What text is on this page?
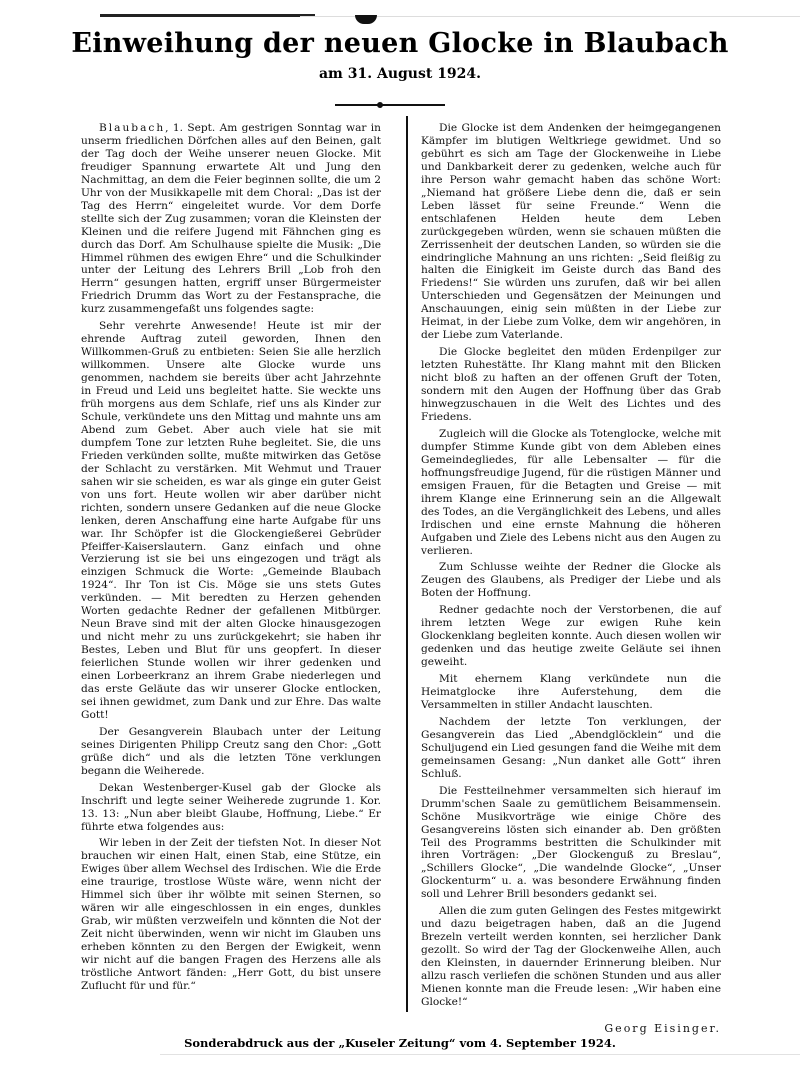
Einweihung der neuen Glocke in Blaubach
am 31. August 1924.

Blaubach, 1. Sept. Am gestrigen Sonntag war in unserm friedlichen Dörfchen alles auf den Beinen, galt der Tag doch der Weihe unserer neuen Glocke. Mit freudiger Spannung erwartete Alt und Jung den Nachmittag, an dem die Feier beginnen sollte, die um 2 Uhr von der Musikkapelle mit dem Choral: „Das ist der Tag des Herrn“ eingeleitet wurde. Vor dem Dorfe stellte sich der Zug zusammen; voran die Kleinsten der Kleinen und die reifere Jugend mit Fähnchen ging es durch das Dorf. Am Schulhause spielte die Musik: „Die Himmel rühmen des ewigen Ehre“ und die Schulkinder unter der Leitung des Lehrers Brill „Lob froh den Herrn“ gesungen hatten, ergriff unser Bürgermeister Friedrich Drumm das Wort zu der Festansprache, die kurz zusammengefaßt uns folgendes sagte:

Sehr verehrte Anwesende! Heute ist mir der ehrende Auftrag zuteil geworden, Ihnen den Willkommen-Gruß zu entbieten: Seien Sie alle herzlich willkommen. Unsere alte Glocke wurde uns genommen, nachdem sie bereits über acht Jahrzehnte in Freud und Leid uns begleitet hatte. Sie weckte uns früh morgens aus dem Schlafe, rief uns als Kinder zur Schule, verkündete uns den Mittag und mahnte uns am Abend zum Gebet. Aber auch viele hat sie mit dumpfem Tone zur letzten Ruhe begleitet. Sie, die uns Frieden verkünden sollte, mußte mitwirken das Getöse der Schlacht zu verstärken. Mit Wehmut und Trauer sahen wir sie scheiden, es war als ginge ein guter Geist von uns fort. Heute wollen wir aber darüber nicht richten, sondern unsere Gedanken auf die neue Glocke lenken, deren Anschaffung eine harte Aufgabe für uns war. Ihr Schöpfer ist die Glockengießerei Gebrüder Pfeiffer-Kaiserslautern. Ganz einfach und ohne Verzierung ist sie bei uns eingezogen und trägt als einzigen Schmuck die Worte: „Gemeinde Blaubach 1924“. Ihr Ton ist Cis. Möge sie uns stets Gutes verkünden. — Mit beredten zu Herzen gehenden Worten gedachte Redner der gefallenen Mitbürger. Neun Brave sind mit der alten Glocke hinausgezogen und nicht mehr zu uns zurückgekehrt; sie haben ihr Bestes, Leben und Blut für uns geopfert. In dieser feierlichen Stunde wollen wir ihrer gedenken und einen Lorbeerkranz an ihrem Grabe niederlegen und das erste Geläute das wir unserer Glocke entlocken, sei ihnen gewidmet, zum Dank und zur Ehre. Das walte Gott!

Der Gesangverein Blaubach unter der Leitung seines Dirigenten Philipp Creutz sang den Chor: „Gott grüße dich“ und als die letzten Töne verklungen begann die Weiherede.

Dekan Westenberger-Kusel gab der Glocke als Inschrift und legte seiner Weiherede zugrunde 1. Kor. 13. 13: „Nun aber bleibt Glaube, Hoffnung, Liebe.“ Er führte etwa folgendes aus:

Wir leben in der Zeit der tiefsten Not. In dieser Not brauchen wir einen Halt, einen Stab, eine Stütze, ein Ewiges über allem Wechsel des Irdischen. Wie die Erde eine traurige, trostlose Wüste wäre, wenn nicht der Himmel sich über ihr wölbte mit seinen Sternen, so wären wir alle eingeschlossen in ein enges, dunkles Grab, wir müßten verzweifeln und könnten die Not der Zeit nicht überwinden, wenn wir nicht im Glauben uns erheben könnten zu den Bergen der Ewigkeit, wenn wir nicht auf die bangen Fragen des Herzens alle als tröstliche Antwort fänden: „Herr Gott, du bist unsere Zuflucht für und für.“

Die Glocke ist dem Andenken der heimgegangenen Kämpfer im blutigen Weltkriege gewidmet. Und so gebührt es sich am Tage der Glockenweihe in Liebe und Dankbarkeit derer zu gedenken, welche auch für ihre Person wahr gemacht haben das schöne Wort: „Niemand hat größere Liebe denn die, daß er sein Leben lässet für seine Freunde.“ Wenn die entschlafenen Helden heute dem Leben zurückgegeben würden, wenn sie schauen müßten die Zerrissenheit der deutschen Landen, so würden sie die eindringliche Mahnung an uns richten: „Seid fleißig zu halten die Einigkeit im Geiste durch das Band des Friedens!“ Sie würden uns zurufen, daß wir bei allen Unterschieden und Gegensätzen der Meinungen und Anschauungen, einig sein müßten in der Liebe zur Heimat, in der Liebe zum Volke, dem wir angehören, in der Liebe zum Vaterlande.

Die Glocke begleitet den müden Erdenpilger zur letzten Ruhestätte. Ihr Klang mahnt mit den Blicken nicht bloß zu haften an der offenen Gruft der Toten, sondern mit den Augen der Hoffnung über das Grab hinwegzuschauen in die Welt des Lichtes und des Friedens.

Zugleich will die Glocke als Totenglocke, welche mit dumpfer Stimme Kunde gibt von dem Ableben eines Gemeindegliedes, für alle Lebensalter — für die hoffnungsfreudige Jugend, für die rüstigen Männer und emsigen Frauen, für die Betagten und Greise — mit ihrem Klange eine Erinnerung sein an die Allgewalt des Todes, an die Vergänglichkeit des Lebens, und alles Irdischen und eine ernste Mahnung die höheren Aufgaben und Ziele des Lebens nicht aus den Augen zu verlieren.

Zum Schlusse weihte der Redner die Glocke als Zeugen des Glaubens, als Prediger der Liebe und als Boten der Hoffnung.

Redner gedachte noch der Verstorbenen, die auf ihrem letzten Wege zur ewigen Ruhe kein Glockenklang begleiten konnte. Auch diesen wollen wir gedenken und das heutige zweite Geläute sei ihnen geweiht.

Mit ehernem Klang verkündete nun die Heimatglocke ihre Auferstehung, dem die Versammelten in stiller Andacht lauschten.

Nachdem der letzte Ton verklungen, der Gesangverein das Lied „Abendglöcklein“ und die Schuljugend ein Lied gesungen fand die Weihe mit dem gemeinsamen Gesang: „Nun danket alle Gott“ ihren Schluß.

Die Festteilnehmer versammelten sich hierauf im Drumm'schen Saale zu gemütlichem Beisammensein. Schöne Musikvorträge wie einige Chöre des Gesangvereins lösten sich einander ab. Den größten Teil des Programms bestritten die Schulkinder mit ihren Vorträgen: „Der Glockenguß zu Breslau“, „Schillers Glocke“, „Die wandelnde Glocke“, „Unser Glockenturm“ u. a. was besondere Erwähnung finden soll und Lehrer Brill besonders gedankt sei.

Allen die zum guten Gelingen des Festes mitgewirkt und dazu beigetragen haben, daß an die Jugend Brezeln verteilt werden konnten, sei herzlicher Dank gezollt. So wird der Tag der Glockenweihe Allen, auch den Kleinsten, in dauernder Erinnerung bleiben. Nur allzu rasch verliefen die schönen Stunden und aus aller Mienen konnte man die Freude lesen: „Wir haben eine Glocke!“

Georg Eisinger.
Sonderabdruck aus der „Kuseler Zeitung“ vom 4. September 1924.
